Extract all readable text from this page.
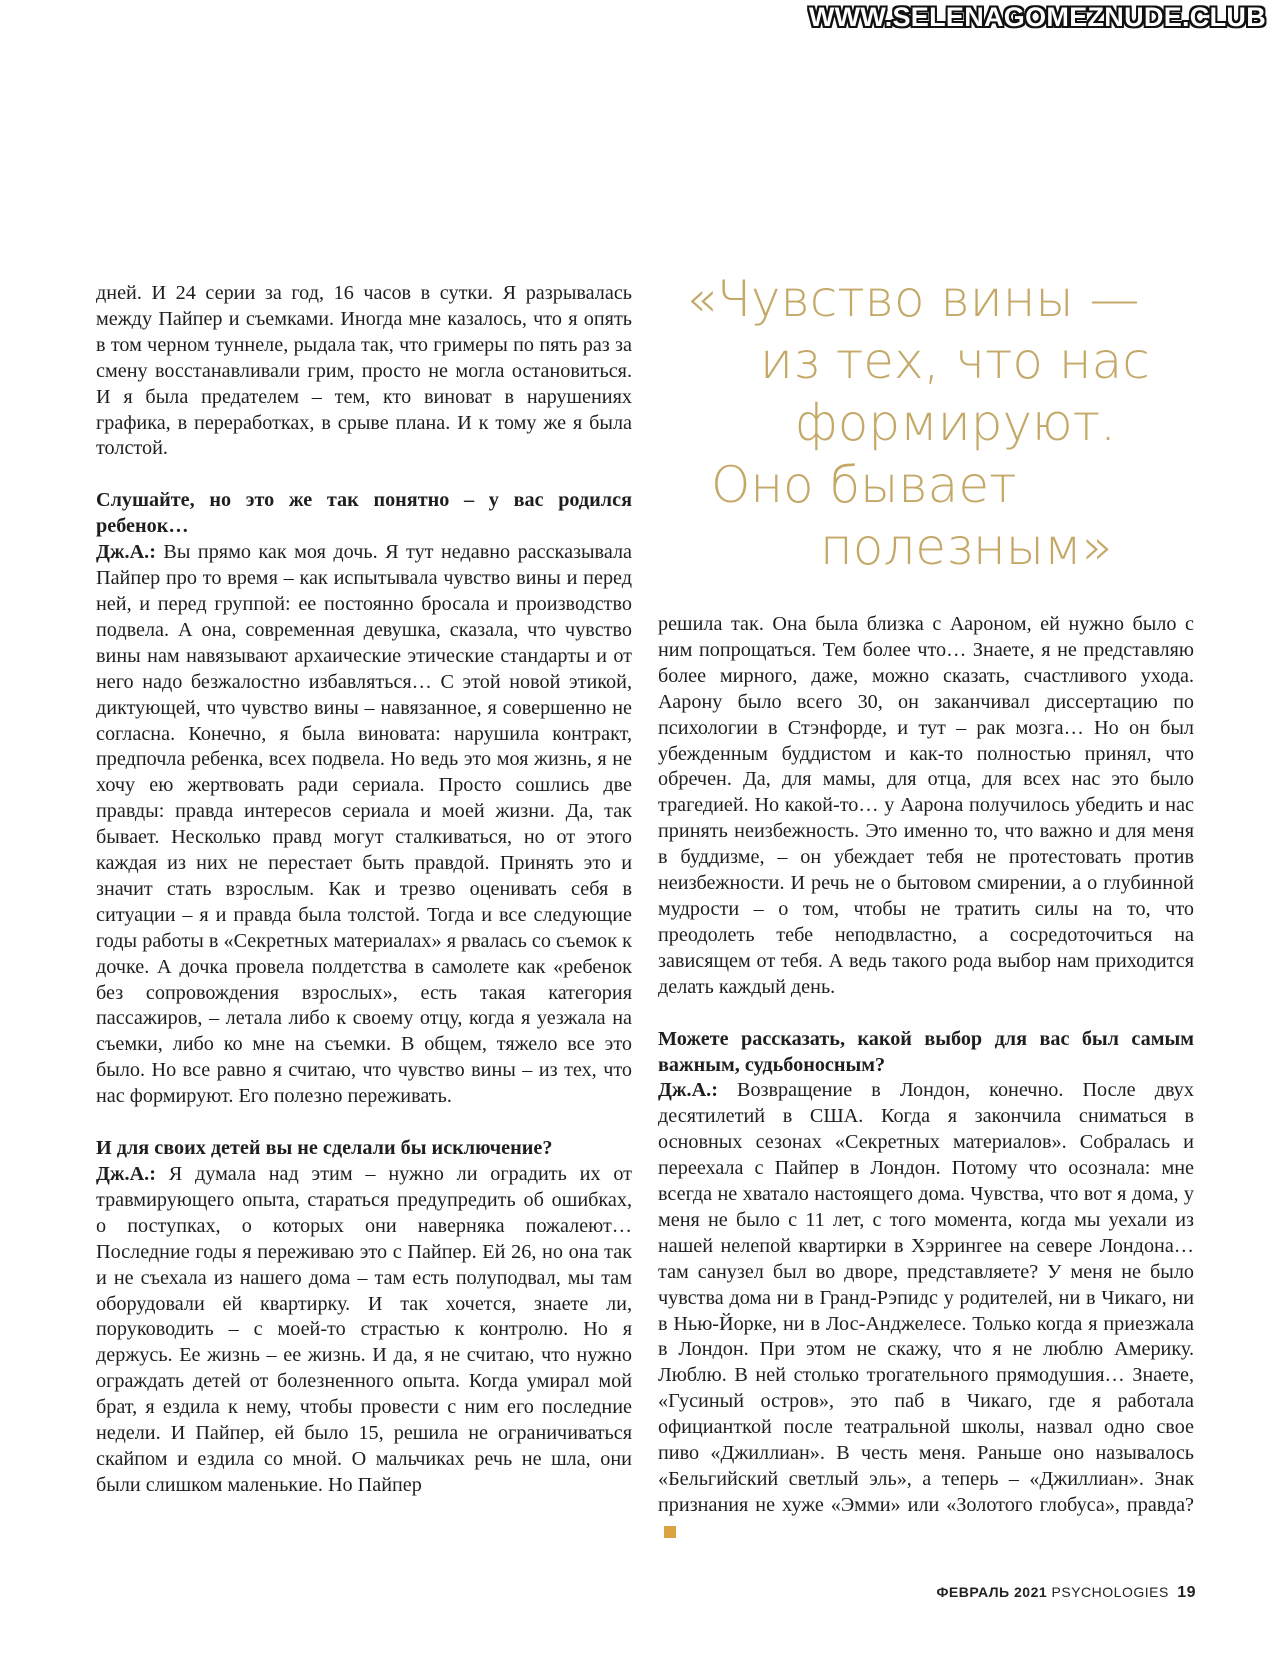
WWW.SELENAGOMEZNUDE.CLUB
«Чувство вины —
из тех, что нас
формируют.
Оно бывает
полезным»

дней. И 24 серии за год, 16 часов в сутки. Я разрывалась между Пайпер и съемками. Иногда мне казалось, что я опять в том черном туннеле, рыдала так, что гримеры по пять раз за смену восстанавливали грим, просто не могла остановиться. И я была предателем – тем, кто виноват в нарушениях графика, в переработках, в срыве плана. И к тому же я была толстой.

Слушайте, но это же так понятно – у вас родился ребенок…

Дж.А.: Вы прямо как моя дочь. Я тут недавно рассказывала Пайпер про то время – как испытывала чувство вины и перед ней, и перед группой: ее постоянно бросала и производство подвела. А она, современная девушка, сказала, что чувство вины нам навязывают архаические этические стандарты и от него надо безжалостно избавляться… С этой новой этикой, диктующей, что чувство вины – навязанное, я совершенно не согласна. Конечно, я была виновата: нарушила контракт, предпочла ребенка, всех подвела. Но ведь это моя жизнь, я не хочу ею жертвовать ради сериала. Просто сошлись две правды: правда интересов сериала и моей жизни. Да, так бывает. Несколько правд могут сталкиваться, но от этого каждая из них не перестает быть правдой. Принять это и значит стать взрослым. Как и трезво оценивать себя в ситуации – я и правда была толстой. Тогда и все следующие годы работы в «Секретных материалах» я рвалась со съемок к дочке. А дочка провела полдетства в самолете как «ребенок без сопровождения взрослых», есть такая категория пассажиров, – летала либо к своему отцу, когда я уезжала на съемки, либо ко мне на съемки. В общем, тяжело все это было. Но все равно я считаю, что чувство вины – из тех, что нас формируют. Его полезно переживать.

И для своих детей вы не сделали бы исключение?

Дж.А.: Я думала над этим – нужно ли оградить их от травмирующего опыта, стараться предупредить об ошибках, о поступках, о которых они наверняка пожалеют… Последние годы я переживаю это с Пайпер. Ей 26, но она так и не съехала из нашего дома – там есть полуподвал, мы там оборудовали ей квартирку. И так хочется, знаете ли, поруководить – с моей-то страстью к контролю. Но я держусь. Ее жизнь – ее жизнь. И да, я не считаю, что нужно ограждать детей от болезненного опыта. Когда умирал мой брат, я ездила к нему, чтобы провести с ним его последние недели. И Пайпер, ей было 15, решила не ограничиваться скайпом и ездила со мной. О мальчиках речь не шла, они были слишком маленькие. Но Пайпер

решила так. Она была близка с Аароном, ей нужно было с ним попрощаться. Тем более что… Знаете, я не представляю более мирного, даже, можно сказать, счастливого ухода. Аарону было всего 30, он заканчивал диссертацию по психологии в Стэнфорде, и тут – рак мозга… Но он был убежденным буддистом и как-то полностью принял, что обречен. Да, для мамы, для отца, для всех нас это было трагедией. Но какой-то… у Аарона получилось убедить и нас принять неизбежность. Это именно то, что важно и для меня в буддизме, – он убеждает тебя не протестовать против неизбежности. И речь не о бытовом смирении, а о глубинной мудрости – о том, чтобы не тратить силы на то, что преодолеть тебе неподвластно, а сосредоточиться на зависящем от тебя. А ведь такого рода выбор нам приходится делать каждый день.

Можете рассказать, какой выбор для вас был самым важным, судьбоносным?

Дж.А.: Возвращение в Лондон, конечно. После двух десятилетий в США. Когда я закончила сниматься в основных сезонах «Секретных материалов». Собралась и переехала с Пайпер в Лондон. Потому что осознала: мне всегда не хватало настоящего дома. Чувства, что вот я дома, у меня не было с 11 лет, с того момента, когда мы уехали из нашей нелепой квартирки в Хэррингее на севере Лондона… там санузел был во дворе, представляете? У меня не было чувства дома ни в Гранд-Рэпидс у родителей, ни в Чикаго, ни в Нью-Йорке, ни в Лос-Анджелесе. Только когда я приезжала в Лондон. При этом не скажу, что я не люблю Америку. Люблю. В ней столько трогательного прямодушия… Знаете, «Гусиный остров», это паб в Чикаго, где я работала официанткой после театральной школы, назвал одно свое пиво «Джиллиан». В честь меня. Раньше оно называлось «Бельгийский светлый эль», а теперь – «Джиллиан». Знак признания не хуже «Эмми» или «Золотого глобуса», правда?

ФЕВРАЛЬ 2021 PSYCHOLOGIES 19
